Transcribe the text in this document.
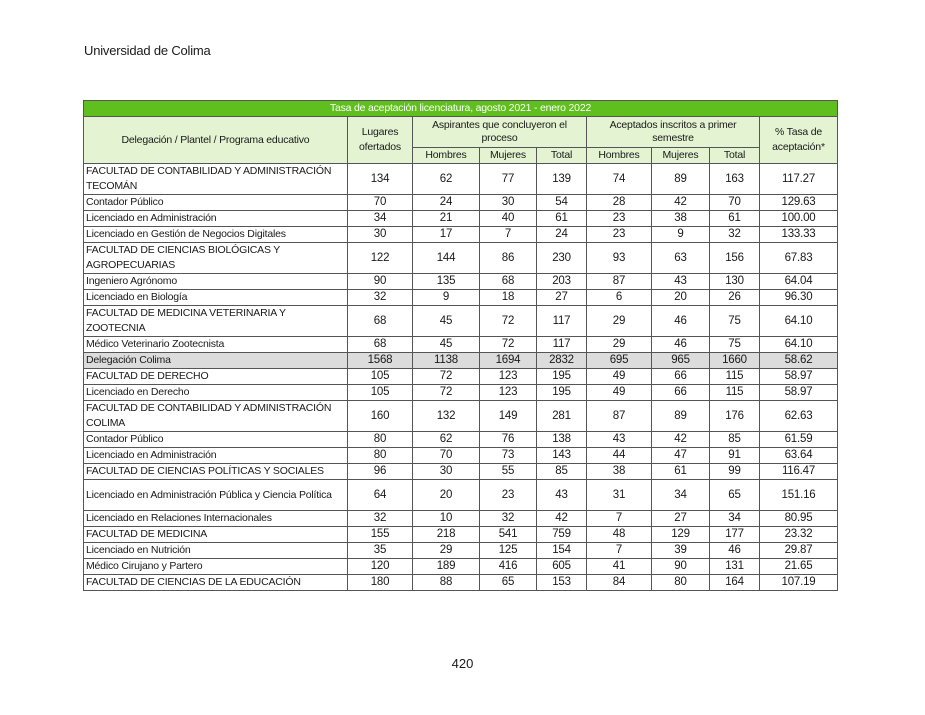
Universidad de Colima
Tasa de aceptación licenciatura, agosto 2021 - enero 2022								
Delegación / Plantel / Programa educativo	Lugares ofertados	Aspirantes que concluyeron el proceso			Aceptados inscritos a primer semestre			% Tasa de aceptación*
		Hombres	Mujeres	Total	Hombres	Mujeres	Total	
FACULTAD DE CONTABILIDAD Y ADMINISTRACIÓN TECOMÁN	134	62	77	139	74	89	163	117.27
Contador Público	70	24	30	54	28	42	70	129.63
Licenciado en Administración	34	21	40	61	23	38	61	100.00
Licenciado en Gestión de Negocios Digitales	30	17	7	24	23	9	32	133.33
FACULTAD DE CIENCIAS BIOLÓGICAS Y AGROPECUARIAS	122	144	86	230	93	63	156	67.83
Ingeniero Agrónomo	90	135	68	203	87	43	130	64.04
Licenciado en Biología	32	9	18	27	6	20	26	96.30
FACULTAD DE MEDICINA VETERINARIA Y ZOOTECNIA	68	45	72	117	29	46	75	64.10
Médico Veterinario Zootecnista	68	45	72	117	29	46	75	64.10
Delegación Colima	1568	1138	1694	2832	695	965	1660	58.62
FACULTAD DE DERECHO	105	72	123	195	49	66	115	58.97
Licenciado en Derecho	105	72	123	195	49	66	115	58.97
FACULTAD DE CONTABILIDAD Y ADMINISTRACIÓN COLIMA	160	132	149	281	87	89	176	62.63
Contador Público	80	62	76	138	43	42	85	61.59
Licenciado en Administración	80	70	73	143	44	47	91	63.64
FACULTAD DE CIENCIAS POLÍTICAS Y SOCIALES	96	30	55	85	38	61	99	116.47
Licenciado en Administración Pública y Ciencia Política	64	20	23	43	31	34	65	151.16
Licenciado en Relaciones Internacionales	32	10	32	42	7	27	34	80.95
FACULTAD DE MEDICINA	155	218	541	759	48	129	177	23.32
Licenciado en Nutrición	35	29	125	154	7	39	46	29.87
Médico Cirujano y Partero	120	189	416	605	41	90	131	21.65
FACULTAD DE CIENCIAS DE LA EDUCACIÓN	180	88	65	153	84	80	164	107.19
420
